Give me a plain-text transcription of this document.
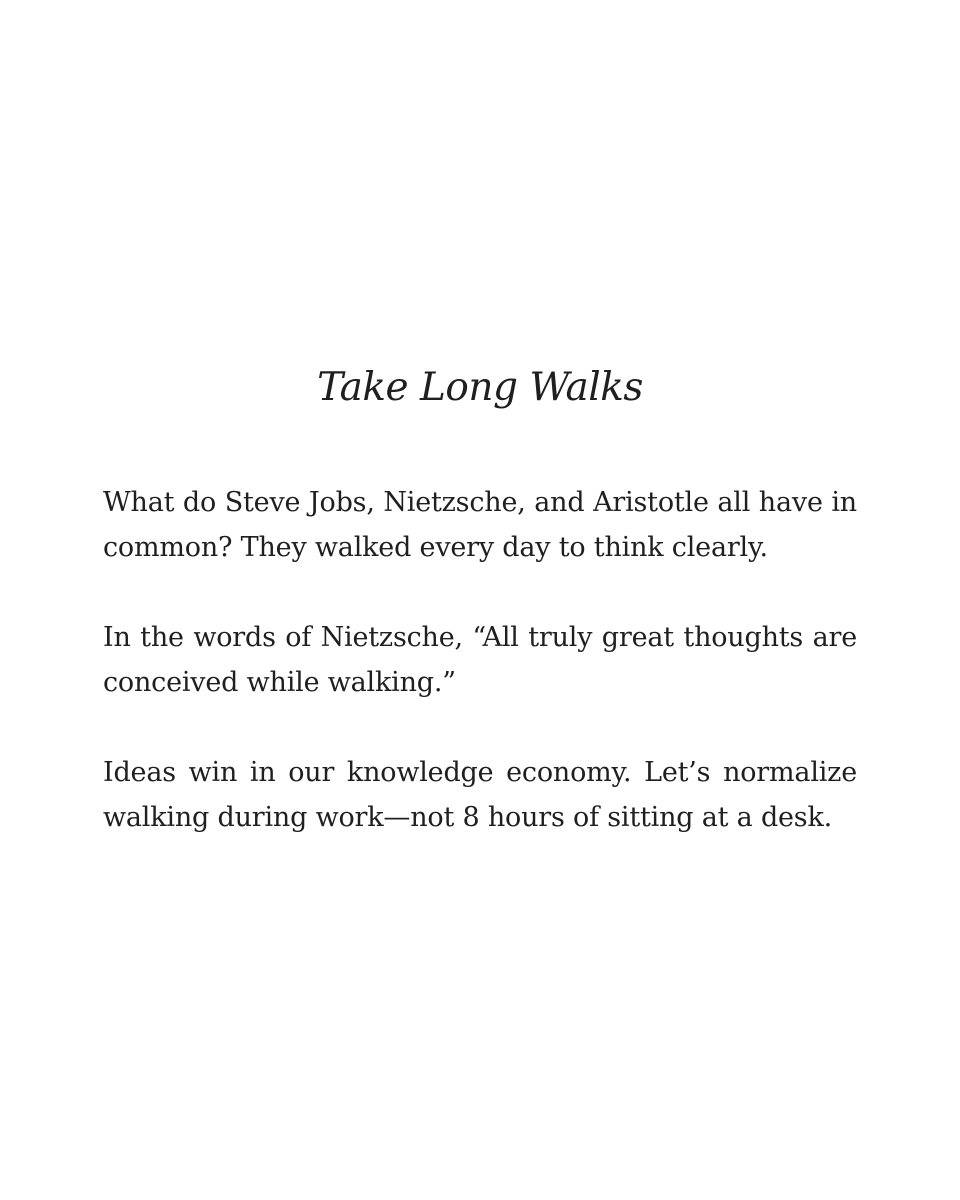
Take Long Walks

What do Steve Jobs, Nietzsche, and Aristotle all have in common? They walked every day to think clearly.

In the words of Nietzsche, “All truly great thoughts are conceived while walking.”

Ideas win in our knowledge economy. Let’s normalize walking during work—not 8 hours of sitting at a desk.
